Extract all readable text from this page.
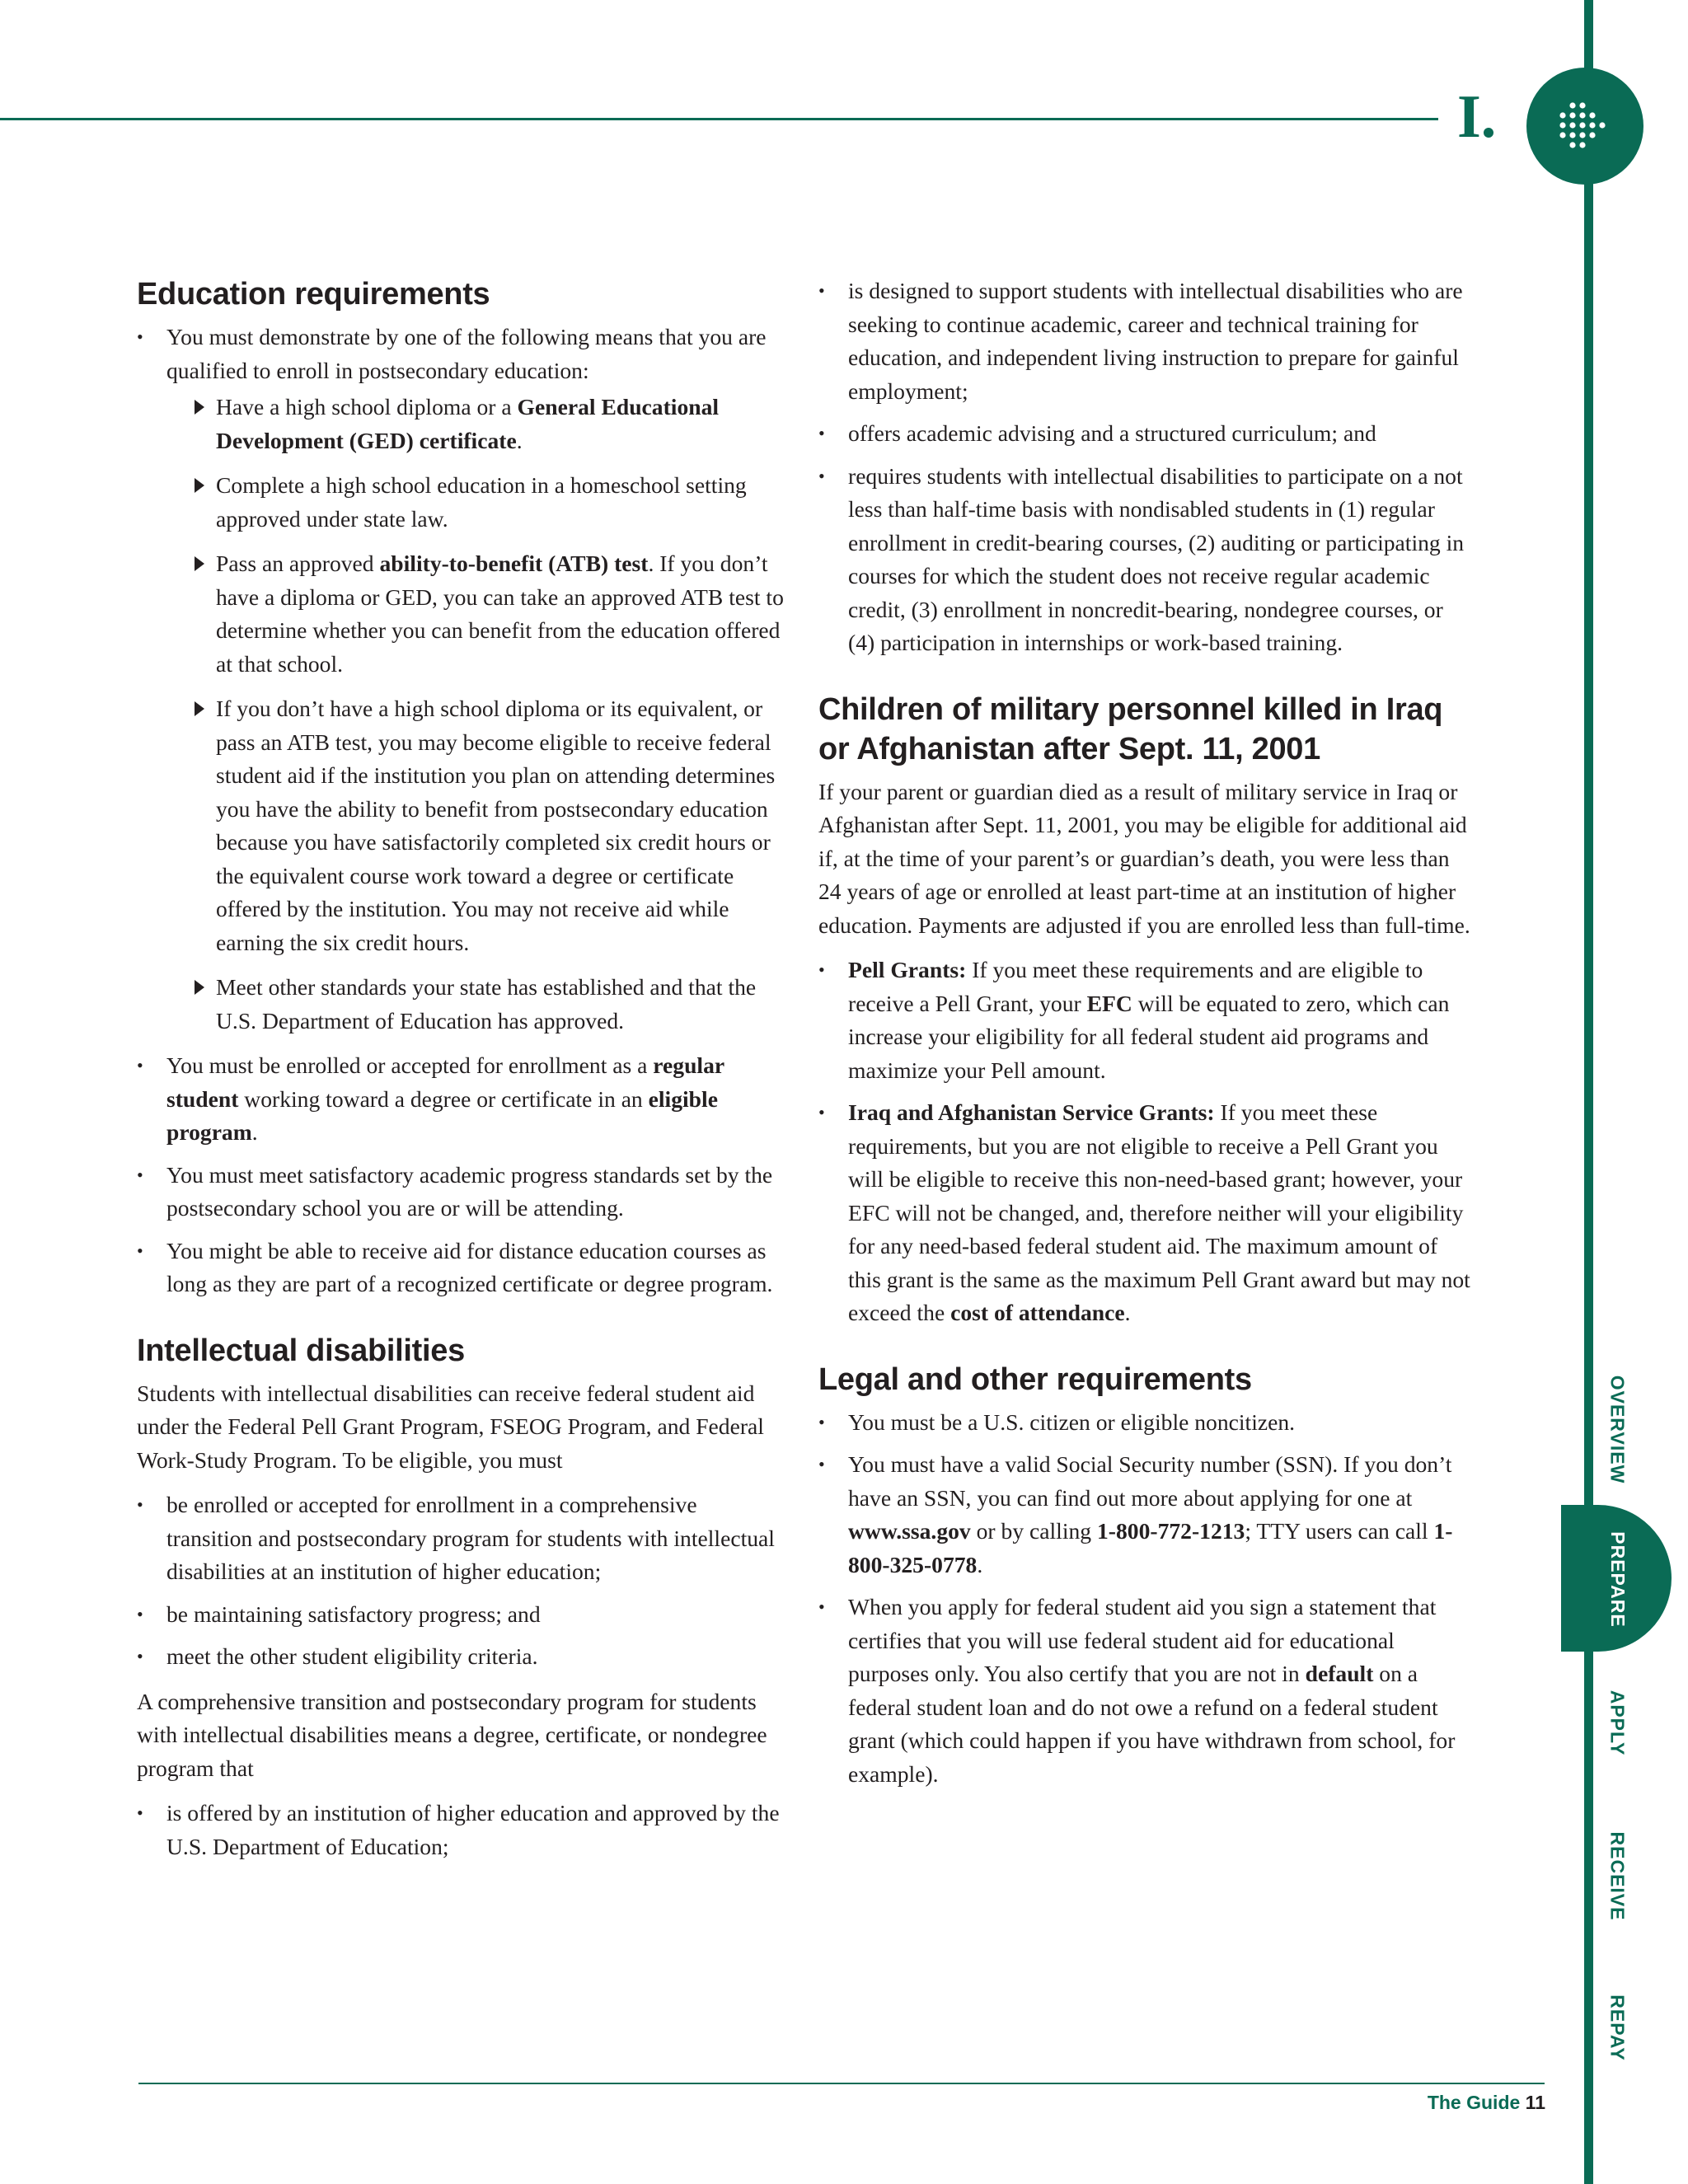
I.
OVERVIEW
PREPARE
APPLY
RECEIVE
REPAY
The Guide 11
Education requirements
• You must demonstrate by one of the following means that you are qualified to enroll in postsecondary education:
Have a high school diploma or a General Educational Development (GED) certificate.
Complete a high school education in a homeschool setting approved under state law.
Pass an approved ability-to-benefit (ATB) test. If you don’t have a diploma or GED, you can take an approved ATB test to determine whether you can benefit from the education offered at that school.
If you don’t have a high school diploma or its equivalent, or pass an ATB test, you may become eligible to receive federal student aid if the institution you plan on attending determines you have the ability to benefit from postsecondary education because you have satisfactorily completed six credit hours or the equivalent course work toward a degree or certificate offered by the institution. You may not receive aid while earning the six credit hours.
Meet other standards your state has established and that the U.S. Department of Education has approved.
• You must be enrolled or accepted for enrollment as a regular student working toward a degree or certificate in an eligible program.
• You must meet satisfactory academic progress standards set by the postsecondary school you are or will be attending.
• You might be able to receive aid for distance education courses as long as they are part of a recognized certificate or degree program.
Intellectual disabilities

Students with intellectual disabilities can receive federal student aid under the Federal Pell Grant Program, FSEOG Program, and Federal Work-Study Program. To be eligible, you must

• be enrolled or accepted for enrollment in a comprehensive transition and postsecondary program for students with intellectual disabilities at an institution of higher education;
• be maintaining satisfactory progress; and
• meet the other student eligibility criteria.

A comprehensive transition and postsecondary program for students with intellectual disabilities means a degree, certificate, or nondegree program that

• is offered by an institution of higher education and approved by the U.S. Department of Education;
• is designed to support students with intellectual disabilities who are seeking to continue academic, career and technical training for education, and independent living instruction to prepare for gainful employment;
• offers academic advising and a structured curriculum; and
• requires students with intellectual disabilities to participate on a not less than half-time basis with nondisabled students in (1) regular enrollment in credit-bearing courses, (2) auditing or participating in courses for which the student does not receive regular academic credit, (3) enrollment in noncredit-bearing, nondegree courses, or (4) participation in internships or work-based training.
Children of military personnel killed in Iraq or Afghanistan after Sept. 11, 2001

If your parent or guardian died as a result of military service in Iraq or Afghanistan after Sept. 11, 2001, you may be eligible for additional aid if, at the time of your parent’s or guardian’s death, you were less than 24 years of age or enrolled at least part-time at an institution of higher education. Payments are adjusted if you are enrolled less than full-time.

• Pell Grants: If you meet these requirements and are eligible to receive a Pell Grant, your EFC will be equated to zero, which can increase your eligibility for all federal student aid programs and maximize your Pell amount.
• Iraq and Afghanistan Service Grants: If you meet these requirements, but you are not eligible to receive a Pell Grant you will be eligible to receive this non-need-based grant; however, your EFC will not be changed, and, therefore neither will your eligibility for any need-based federal student aid. The maximum amount of this grant is the same as the maximum Pell Grant award but may not exceed the cost of attendance.
Legal and other requirements
• You must be a U.S. citizen or eligible noncitizen.
• You must have a valid Social Security number (SSN). If you don’t have an SSN, you can find out more about applying for one at www.ssa.gov or by calling 1-800-772-1213; TTY users can call 1-800-325-0778.
• When you apply for federal student aid you sign a statement that certifies that you will use federal student aid for educational purposes only. You also certify that you are not in default on a federal student loan and do not owe a refund on a federal student grant (which could happen if you have withdrawn from school, for example).
